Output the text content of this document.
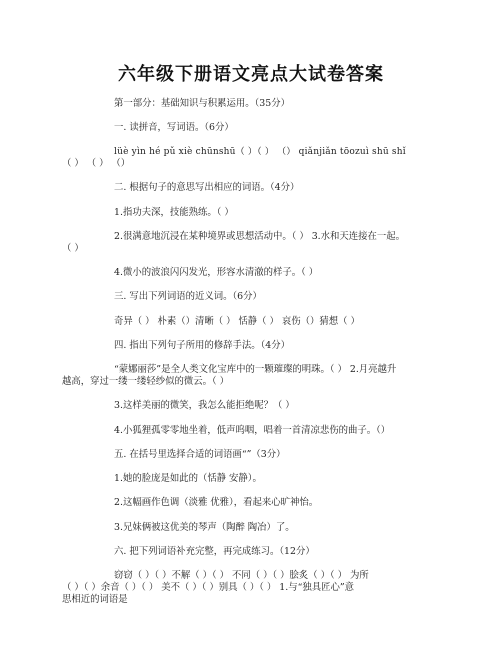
六年级下册语文亮点大试卷答案
第一部分：基础知识与积累运用。（35分）
一. 读拼音，写词语。（6分）
lüè yìn hé pǔ xiè chūnshū（ ）（ ） （） qiǎnjiǎn tōozuì shū shǐ
（ ） （ ） （）
二. 根据句子的意思写出相应的词语。（4分）
1.指功夫深，技能熟练。（ ）
2.很满意地沉浸在某种境界或思想活动中。（ ） 3.水和天连接在一起。
（ ）
4.微小的波浪闪闪发光，形容水清澈的样子。（ ）
三. 写出下列词语的近义词。（6分）
奇异（ ） 朴素（）清晰（ ） 恬静（ ） 哀伤（）猜想（ ）
四. 指出下列句子所用的修辞手法。（4分）
“蒙娜丽莎”是全人类文化宝库中的一颗璀璨的明珠。（ ） 2.月亮越升
越高，穿过一缕一缕轻纱似的微云。（ ）
3.这样美丽的微笑，我怎么能拒绝呢？（ ）
4.小狐狸孤零零地坐着，低声呜咽，唱着一首清凉悲伤的曲子。（）
五. 在括号里选择合适的词语画“”（3分）
1.她的脸庞是如此的（恬静 安静）。
2.这幅画作色调（淡雅 优雅），看起来心旷神怡。
3.兄妹俩被这优美的琴声（陶醉 陶冶）了。
六. 把下列词语补充完整，再完成练习。（12分）
窃窃（ ）（ ）不解（ ）（ ） 不同（ ）（ ）脍炙（ ）（ ） 为所
（ ）（ ）余音（ ）（ ） 美不（ ）（ ）别具（ ）（ ） 1.与“独具匠心”意
思相近的词语是
